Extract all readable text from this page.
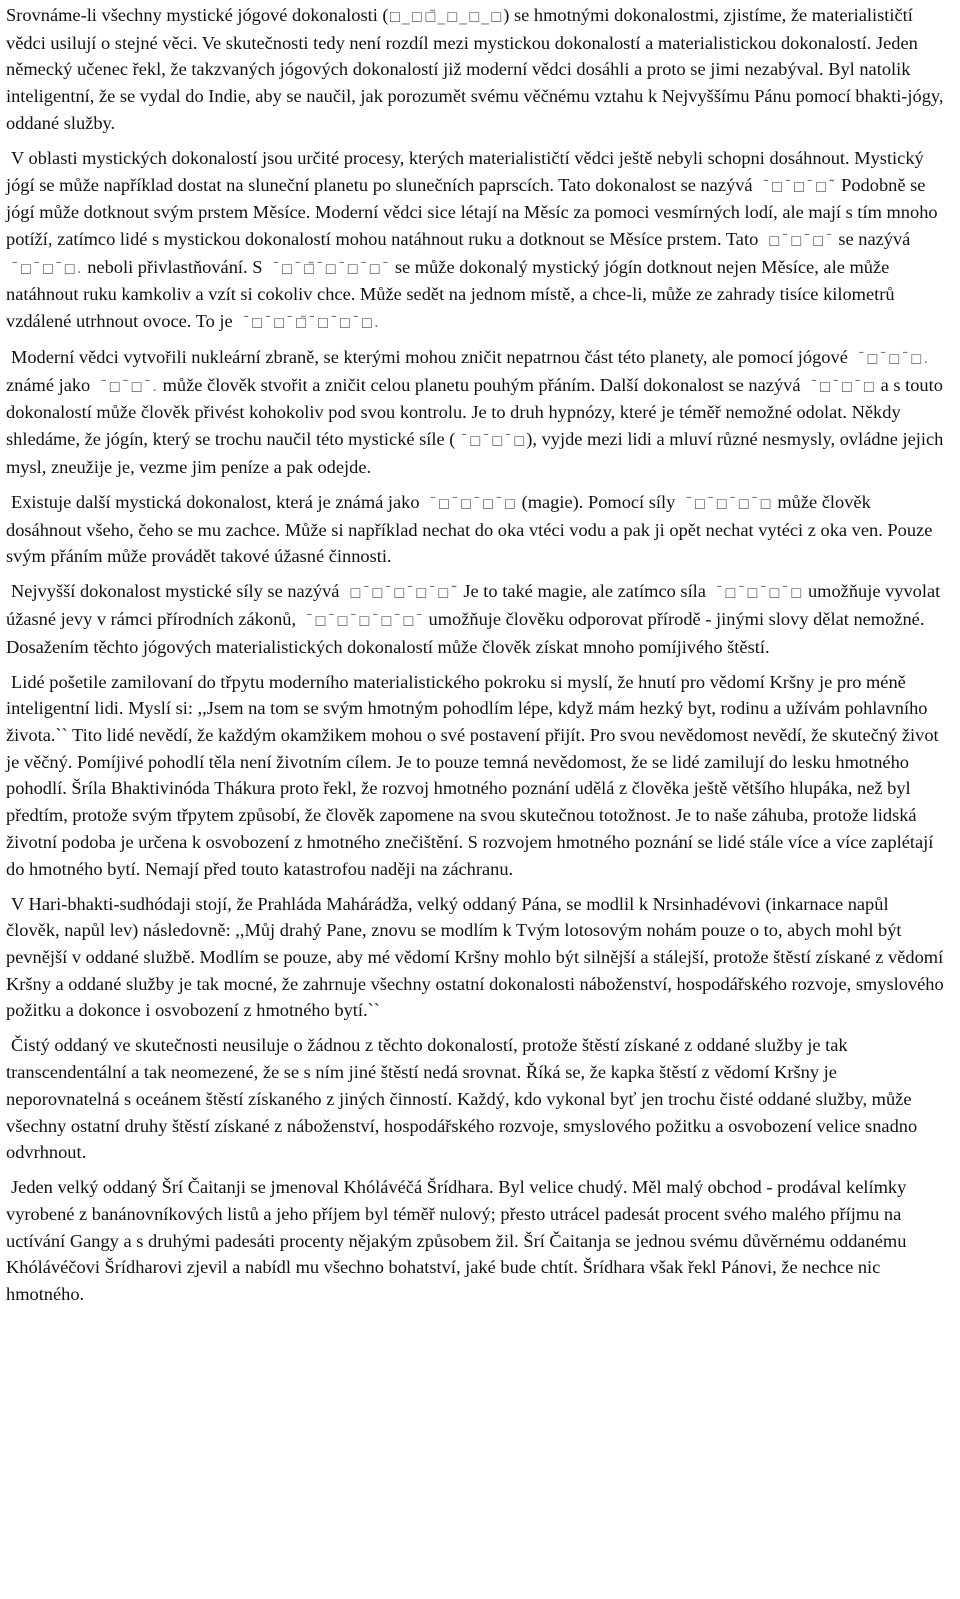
Srovnáme-li všechny mystické jógové dokonalosti (◻_◻◻̃_◻_◻_◻) se hmotnými dokonalostmi, zjistíme, že materialističtí vědci usilují o stejné věci. Ve skutečnosti tedy není rozdíl mezi mystickou dokonalostí a materialistickou dokonalostí. Jeden německý učenec řekl, že takzvaných jógových dokonalostí již moderní vědci dosáhli a proto se jimi nezabýval. Byl natolik inteligentní, že se vydal do Indie, aby se naučil, jak porozumět svému věčnému vztahu k Nejvyššímu Pánu pomocí bhakti-jógy, oddané služby.

V oblasti mystických dokonalostí jsou určité procesy, kterých materialističtí vědci ještě nebyli schopni dosáhnout. Mystický jógí se může například dostat na sluneční planetu po slunečních paprscích. Tato dokonalost se nazývá ¯◻¯◻¯◻¯̃ Podobně se jógí může dotknout svým prstem Měsíce. Moderní vědci sice létají na Měsíc za pomoci vesmírných lodí, ale mají s tím mnoho potíží, zatímco lidé s mystickou dokonalostí mohou natáhnout ruku a dotknout se Měsíce prstem. Tato ◻¯◻¯◻¯ se nazývá ¯◻¯◻¯◻. neboli přivlastňování. S ¯◻¯◻̃¯◻¯◻¯◻¯ se může dokonalý mystický jógín dotknout nejen Měsíce, ale může natáhnout ruku kamkoliv a vzít si cokoliv chce. Může sedět na jednom místě, a chce-li, může ze zahrady tisíce kilometrů vzdálené utrhnout ovoce. To je ¯◻¯◻¯◻̃¯◻¯◻¯◻.

Moderní vědci vytvořili nukleární zbraně, se kterými mohou zničit nepatrnou část této planety, ale pomocí jógové ¯◻¯◻¯◻. známé jako ¯◻¯◻¯. může člověk stvořit a zničit celou planetu pouhým přáním. Další dokonalost se nazývá ¯◻¯◻¯◻ a s touto dokonalostí může člověk přivést kohokoliv pod svou kontrolu. Je to druh hypnózy, které je téměř nemožné odolat. Někdy shledáme, že jógín, který se trochu naučil této mystické síle ( ¯◻¯◻¯◻), vyjde mezi lidi a mluví různé nesmysly, ovládne jejich mysl, zneužije je, vezme jim peníze a pak odejde.

Existuje další mystická dokonalost, která je známá jako ¯◻¯◻¯◻¯◻ (magie). Pomocí síly ¯◻¯◻¯◻¯◻ může člověk dosáhnout všeho, čeho se mu zachce. Může si například nechat do oka vtéci vodu a pak ji opět nechat vytéci z oka ven. Pouze svým přáním může provádět takové úžasné činnosti.

Nejvyšší dokonalost mystické síly se nazývá ◻¯◻¯◻¯◻¯◻¯̃ Je to také magie, ale zatímco síla ¯◻¯◻¯◻¯◻ umožňuje vyvolat úžasné jevy v rámci přírodních zákonů, ¯◻¯◻¯◻¯◻¯◻¯ umožňuje člověku odporovat přírodě - jinými slovy dělat nemožné. Dosažením těchto jógových materialistických dokonalostí může člověk získat mnoho pomíjivého štěstí.

Lidé pošetile zamilovaní do třpytu moderního materialistického pokroku si myslí, že hnutí pro vědomí Kršny je pro méně inteligentní lidi. Myslí si: ,,Jsem na tom se svým hmotným pohodlím lépe, když mám hezký byt, rodinu a užívám pohlavního života.`` Tito lidé nevědí, že každým okamžikem mohou o své postavení přijít. Pro svou nevědomost nevědí, že skutečný život je věčný. Pomíjivé pohodlí těla není životním cílem. Je to pouze temná nevědomost, že se lidé zamilují do lesku hmotného pohodlí. Šríla Bhaktivinóda Thákura proto řekl, že rozvoj hmotného poznání udělá z člověka ještě většího hlupáka, než byl předtím, protože svým třpytem způsobí, že člověk zapomene na svou skutečnou totožnost. Je to naše záhuba, protože lidská životní podoba je určena k osvobození z hmotného znečištění. S rozvojem hmotného poznání se lidé stále více a více zaplétají do hmotného bytí. Nemají před touto katastrofou naději na záchranu.

V Hari-bhakti-sudhódaji stojí, že Prahláda Mahárádža, velký oddaný Pána, se modlil k Nrsinhadévovi (inkarnace napůl člověk, napůl lev) následovně: ,,Můj drahý Pane, znovu se modlím k Tvým lotosovým nohám pouze o to, abych mohl být pevnější v oddané službě. Modlím se pouze, aby mé vědomí Kršny mohlo být silnější a stálejší, protože štěstí získané z vědomí Kršny a oddané služby je tak mocné, že zahrnuje všechny ostatní dokonalosti náboženství, hospodářského rozvoje, smyslového požitku a dokonce i osvobození z hmotného bytí.``

Čistý oddaný ve skutečnosti neusiluje o žádnou z těchto dokonalostí, protože štěstí získané z oddané služby je tak transcendentální a tak neomezené, že se s ním jiné štěstí nedá srovnat. Říká se, že kapka štěstí z vědomí Kršny je neporovnatelná s oceánem štěstí získaného z jiných činností. Každý, kdo vykonal byť jen trochu čisté oddané služby, může všechny ostatní druhy štěstí získané z náboženství, hospodářského rozvoje, smyslového požitku a osvobození velice snadno odvrhnout.

Jeden velký oddaný Šrí Čaitanji se jmenoval Khólávéčá Šrídhara. Byl velice chudý. Měl malý obchod - prodával kelímky vyrobené z banánovníkových listů a jeho příjem byl téměř nulový; přesto utrácel padesát procent svého malého příjmu na uctívání Gangy a s druhými padesáti procenty nějakým způsobem žil. Šrí Čaitanja se jednou svému důvěrnému oddanému Khólávéčovi Šrídharovi zjevil a nabídl mu všechno bohatství, jaké bude chtít. Šrídhara však řekl Pánovi, že nechce nic hmotného.
